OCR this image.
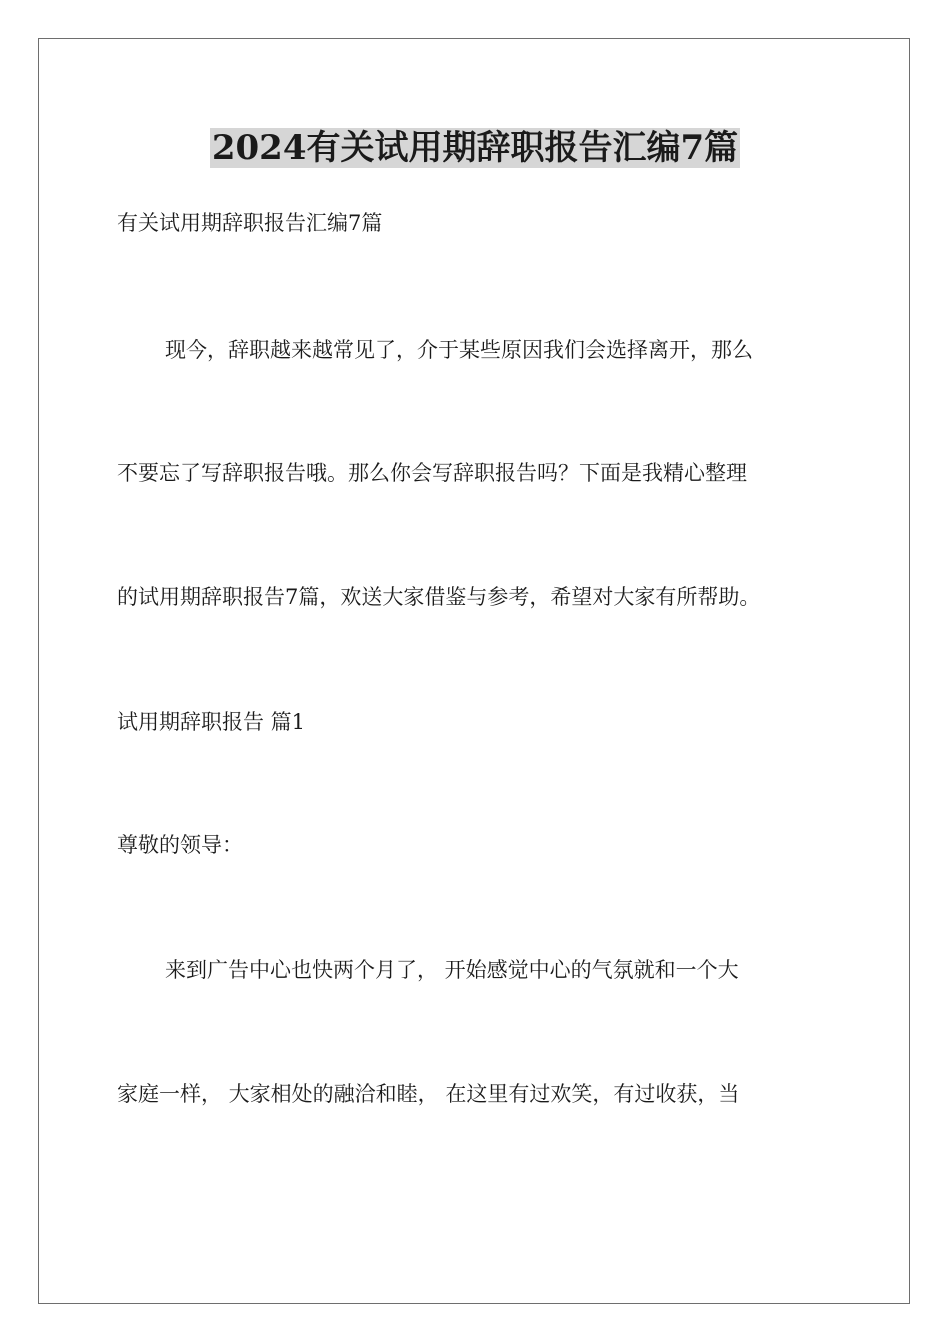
2024有关试用期辞职报告汇编7篇

有关试用期辞职报告汇编7篇

现今，辞职越来越常见了，介于某些原因我们会选择离开，那么

不要忘了写辞职报告哦。那么你会写辞职报告吗？下面是我精心整理

的试用期辞职报告7篇，欢送大家借鉴与参考，希望对大家有所帮助。

试用期辞职报告 篇1

尊敬的领导：

来到广告中心也快两个月了， 开始感觉中心的气氛就和一个大

家庭一样， 大家相处的融洽和睦， 在这里有过欢笑，有过收获，当
